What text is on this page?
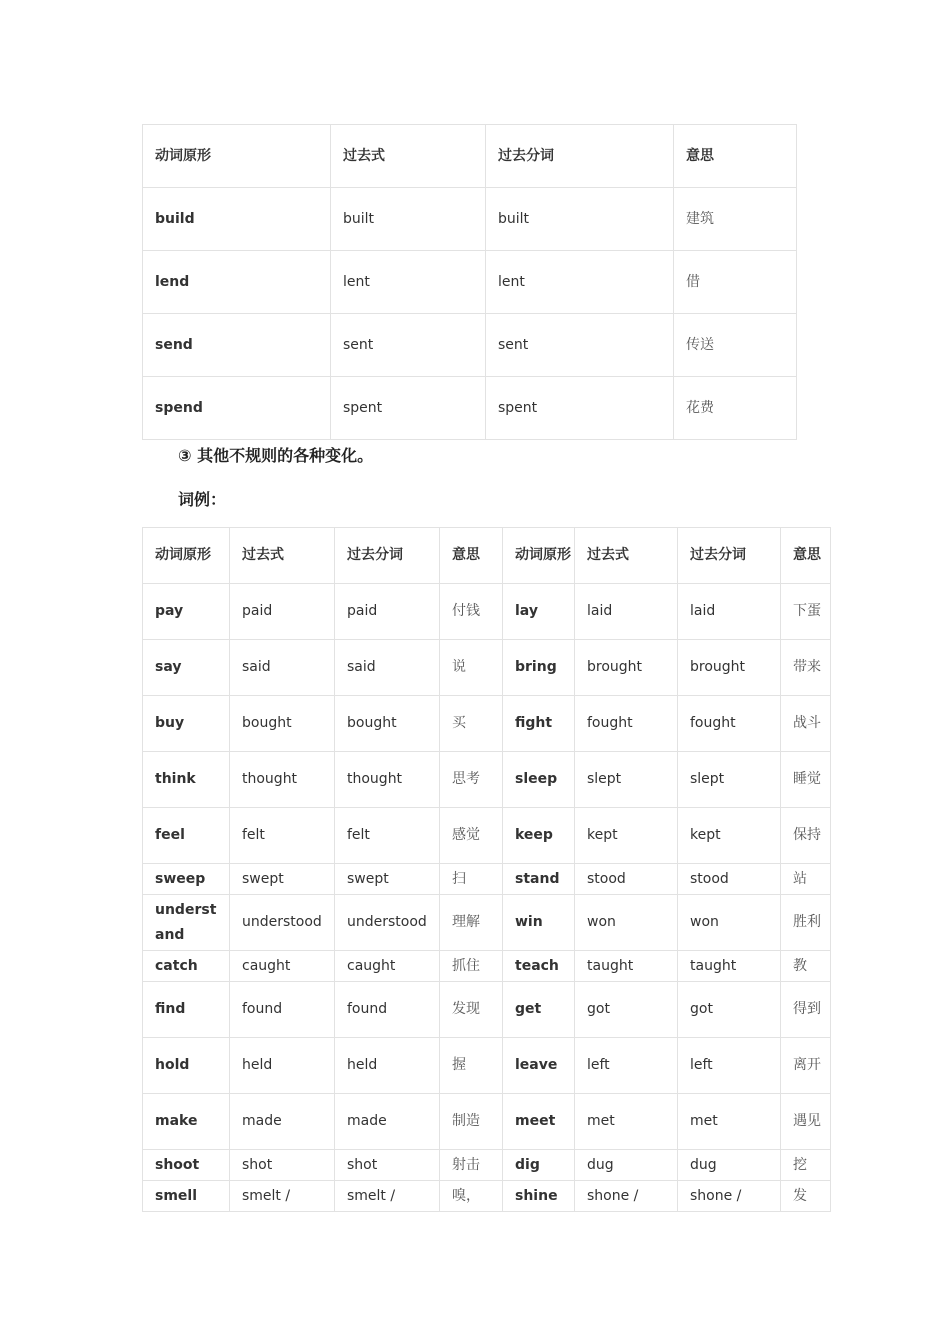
动词原形	过去式	过去分词	意思
build	built	built	建筑
lend	lent	lent	借
send	sent	sent	传送
spend	spent	spent	花费
③ 其他不规则的各种变化。
词例：
动词原形	过去式	过去分词	意思	动词原形	过去式	过去分词	意思
pay	paid	paid	付钱	lay	laid	laid	下蛋
say	said	said	说	bring	brought	brought	带来
buy	bought	bought	买	fight	fought	fought	战斗
think	thought	thought	思考	sleep	slept	slept	睡觉
feel	felt	felt	感觉	keep	kept	kept	保持
sweep	swept	swept	扫	stand	stood	stood	站
understand	understood	understood	理解	win	won	won	胜利
catch	caught	caught	抓住	teach	taught	taught	教
find	found	found	发现	get	got	got	得到
hold	held	held	握	leave	left	left	离开
make	made	made	制造	meet	met	met	遇见
shoot	shot	shot	射击	dig	dug	dug	挖
smell	smelt /	smelt /	嗅，	shine	shone /	shone /	发
